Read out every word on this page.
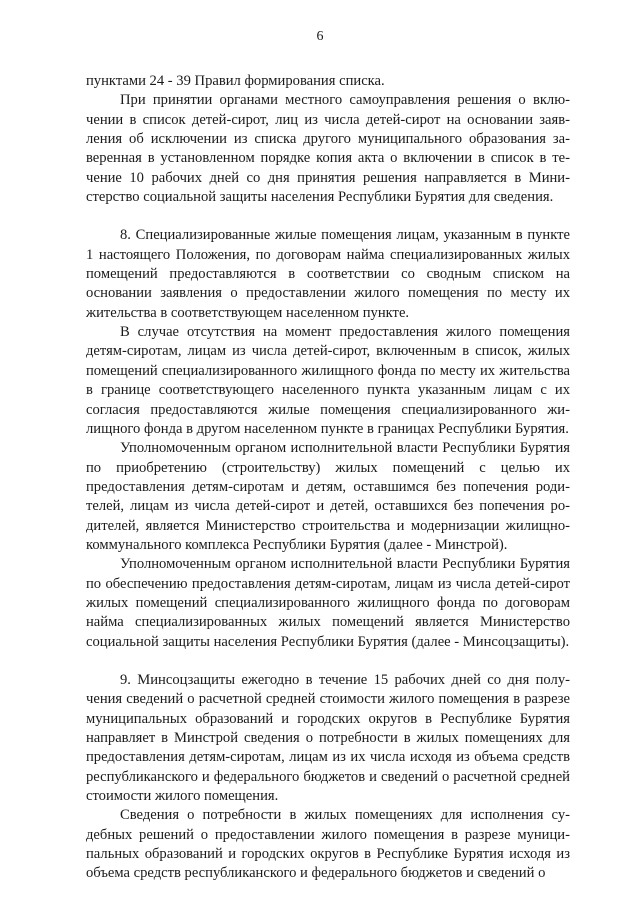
6

пунктами 24 - 39 Правил формирования списка.

При принятии органами местного самоуправления решения о включении в список детей-сирот, лиц из числа детей-сирот на основании заявления об исключении из списка другого муниципального образования заверенная в установленном порядке копия акта о включении в список в течение 10 рабочих дней со дня принятия решения направляется в Министерство социальной защиты населения Республики Бурятия для сведения.

8. Специализированные жилые помещения лицам, указанным в пункте 1 настоящего Положения, по договорам найма специализированных жилых помещений предоставляются в соответствии со сводным списком на основании заявления о предоставлении жилого помещения по месту их жительства в соответствующем населенном пункте.

В случае отсутствия на момент предоставления жилого помещения детям-сиротам, лицам из числа детей-сирот, включенным в список, жилых помещений специализированного жилищного фонда по месту их жительства в границе соответствующего населенного пункта указанным лицам с их согласия предоставляются жилые помещения специализированного жилищного фонда в другом населенном пункте в границах Республики Бурятия.

Уполномоченным органом исполнительной власти Республики Бурятия по приобретению (строительству) жилых помещений с целью их предоставления детям-сиротам и детям, оставшимся без попечения родителей, лицам из числа детей-сирот и детей, оставшихся без попечения родителей, является Министерство строительства и модернизации жилищно-коммунального комплекса Республики Бурятия (далее - Минстрой).

Уполномоченным органом исполнительной власти Республики Бурятия по обеспечению предоставления детям-сиротам, лицам из числа детей-сирот жилых помещений специализированного жилищного фонда по договорам найма специализированных жилых помещений является Министерство социальной защиты населения Республики Бурятия (далее - Минсоцзащиты).

9. Минсоцзащиты ежегодно в течение 15 рабочих дней со дня получения сведений о расчетной средней стоимости жилого помещения в разрезе муниципальных образований и городских округов в Республике Бурятия направляет в Минстрой сведения о потребности в жилых помещениях для предоставления детям-сиротам, лицам из их числа исходя из объема средств республиканского и федерального бюджетов и сведений о расчетной средней стоимости жилого помещения.

Сведения о потребности в жилых помещениях для исполнения судебных решений о предоставлении жилого помещения в разрезе муниципальных образований и городских округов в Республике Бурятия исходя из объема средств республиканского и федерального бюджетов и сведений о
